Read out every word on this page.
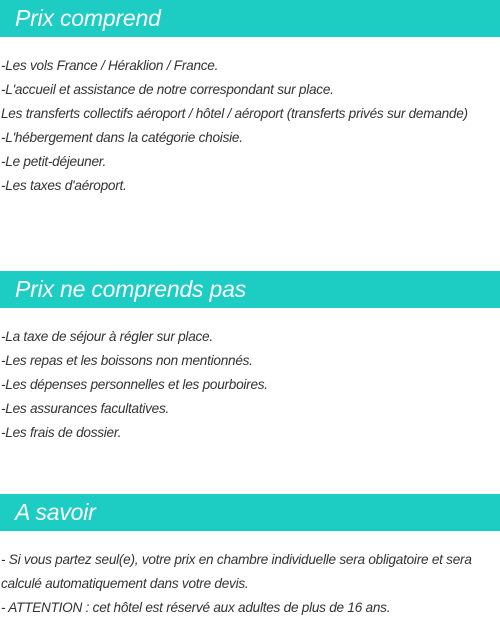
Prix comprend

-Les vols France / Héraklion / France.

-L'accueil et assistance de notre correspondant sur place.

Les transferts collectifs aéroport / hôtel / aéroport (transferts privés sur demande)

-L'hébergement dans la catégorie choisie.

-Le petit-déjeuner.

-Les taxes d'aéroport.

Prix ne comprends pas

-La taxe de séjour à régler sur place.

-Les repas et les boissons non mentionnés.

-Les dépenses personnelles et les pourboires.

-Les assurances facultatives.

-Les frais de dossier.

A savoir

- Si vous partez seul(e), votre prix en chambre individuelle sera obligatoire et sera calculé automatiquement dans votre devis.

- ATTENTION : cet hôtel est réservé aux adultes de plus de 16 ans.
